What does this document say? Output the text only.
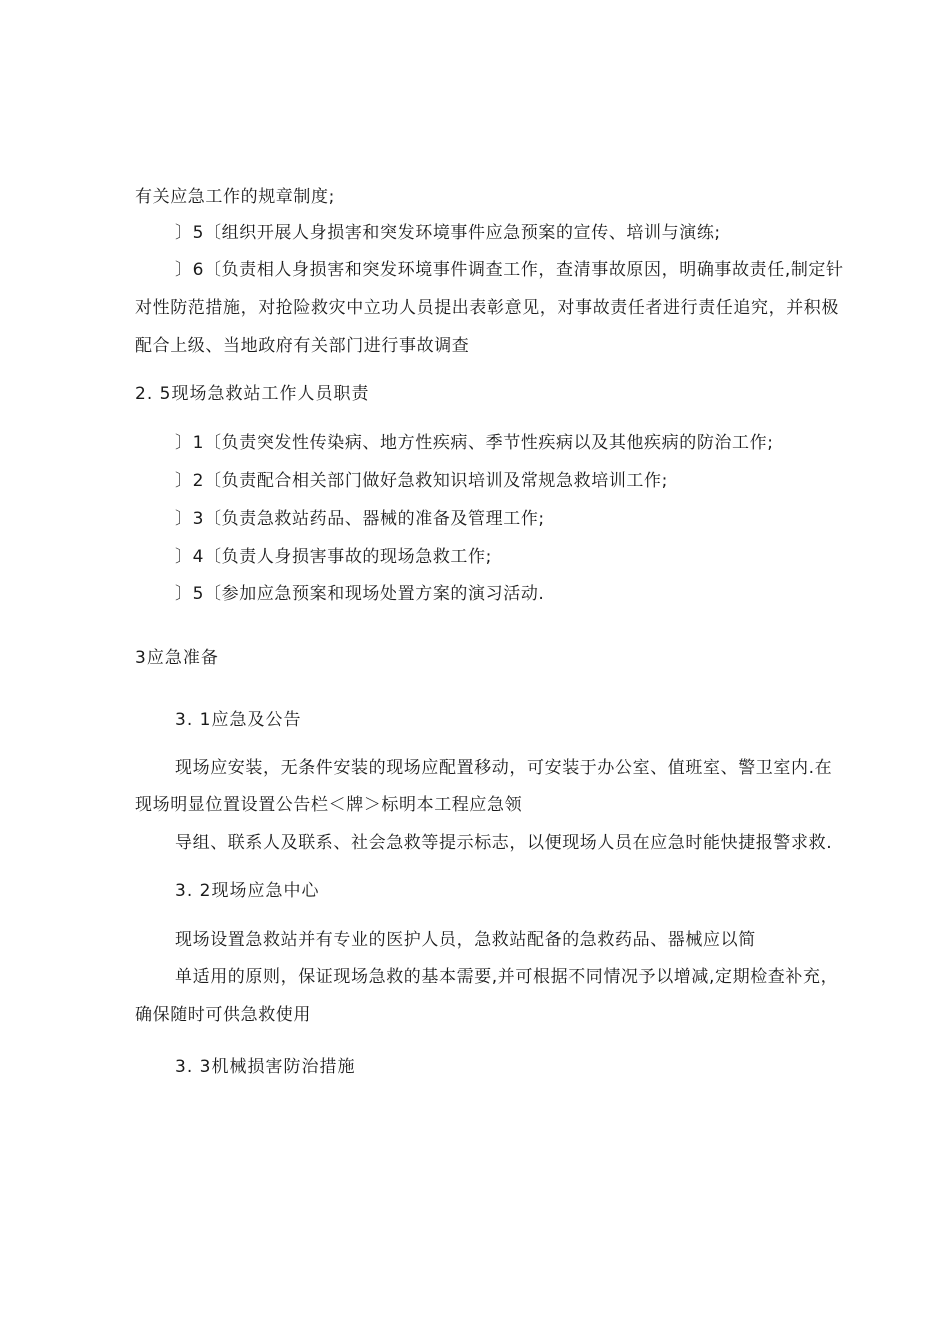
有关应急工作的规章制度;
〕5〔组织开展人身损害和突发环境事件应急预案的宣传、培训与演练;
〕6〔负责相人身损害和突发环境事件调查工作，查清事故原因，明确事故责任,制定针
对性防范措施，对抢险救灾中立功人员提出表彰意见，对事故责任者进行责任追究，并积极
配合上级、当地政府有关部门进行事故调查
2. 5现场急救站工作人员职责
〕1〔负责突发性传染病、地方性疾病、季节性疾病以及其他疾病的防治工作;
〕2〔负责配合相关部门做好急救知识培训及常规急救培训工作;
〕3〔负责急救站药品、器械的准备及管理工作;
〕4〔负责人身损害事故的现场急救工作;
〕5〔参加应急预案和现场处置方案的演习活动.
3应急准备
3. 1应急及公告
现场应安装，无条件安装的现场应配置移动，可安装于办公室、值班室、警卫室内.在
现场明显位置设置公告栏＜牌＞标明本工程应急领
导组、联系人及联系、社会急救等提示标志，以便现场人员在应急时能快捷报警求救.
3. 2现场应急中心
现场设置急救站并有专业的医护人员，急救站配备的急救药品、器械应以简
单适用的原则，保证现场急救的基本需要,并可根据不同情况予以增减,定期检查补充，
确保随时可供急救使用
3. 3机械损害防治措施
